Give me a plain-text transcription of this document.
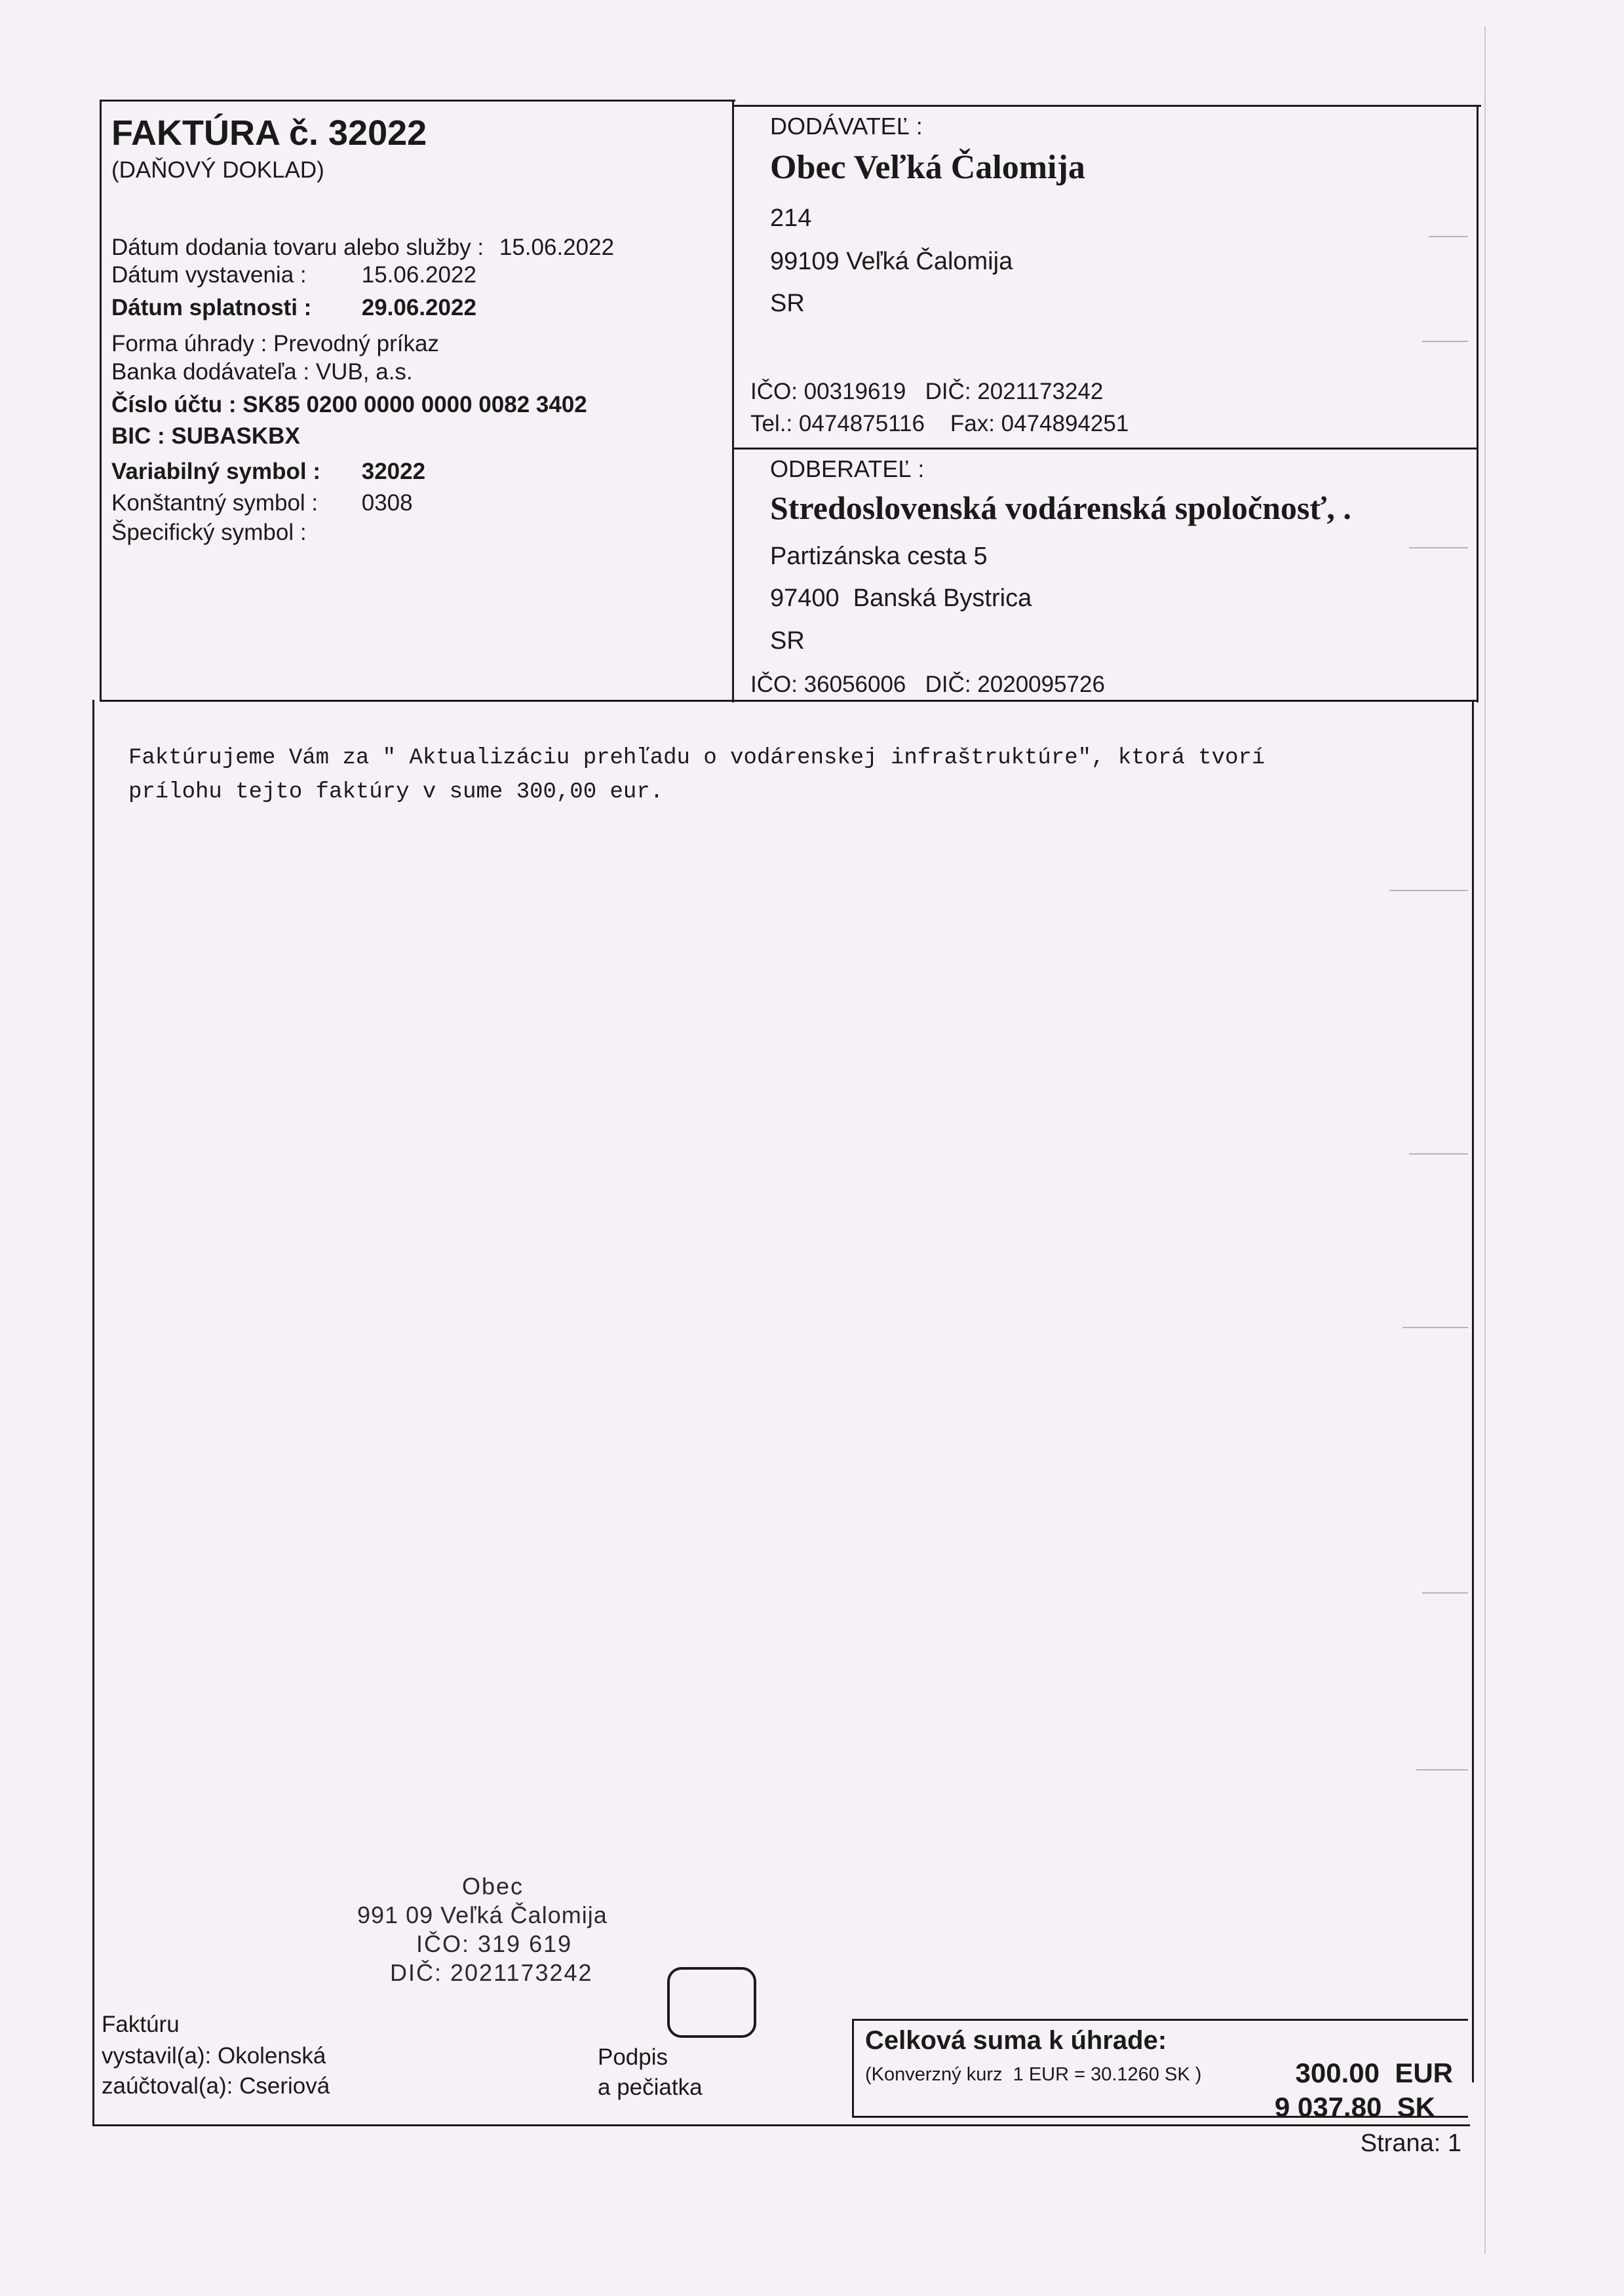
FAKTÚRA č. 32022
(DAŇOVÝ DOKLAD)
Dátum dodania tovaru alebo služby : 15.06.2022
Dátum vystavenia : 15.06.2022
Dátum splatnosti : 29.06.2022
Forma úhrady : Prevodný príkaz
Banka dodávateľa : VUB, a.s.
Číslo účtu : SK85 0200 0000 0000 0082 3402
BIC : SUBASKBX
Variabilný symbol : 32022
Konštantný symbol : 0308
Špecifický symbol :
DODÁVATEĽ :
Obec Veľká Čalomija
214
99109 Veľká Čalomija
SR
IČO: 00319619   DIČ: 2021173242
Tel.: 0474875116    Fax: 0474894251
ODBERATEĽ :
Stredoslovenská vodárenská spoločnosť, .
Partizánska cesta 5
97400  Banská Bystrica
SR
IČO: 36056006   DIČ: 2020095726
Faktúrujeme Vám za " Aktualizáciu prehľadu o vodárenskej infraštruktúre", ktorá tvorí
prílohu tejto faktúry v sume 300,00 eur.
Obec
991 09 Veľká Čalomija
IČO: 319 619
DIČ: 2021173242
Faktúru
vystavil(a): Okolenská
zaúčtoval(a): Cseriová
Podpis
a pečiatka
Celková suma k úhrade:
(Konverzný kurz  1 EUR = 30.1260 SK )	300.00  EUR

9 037.80  SK

Strana: 1
